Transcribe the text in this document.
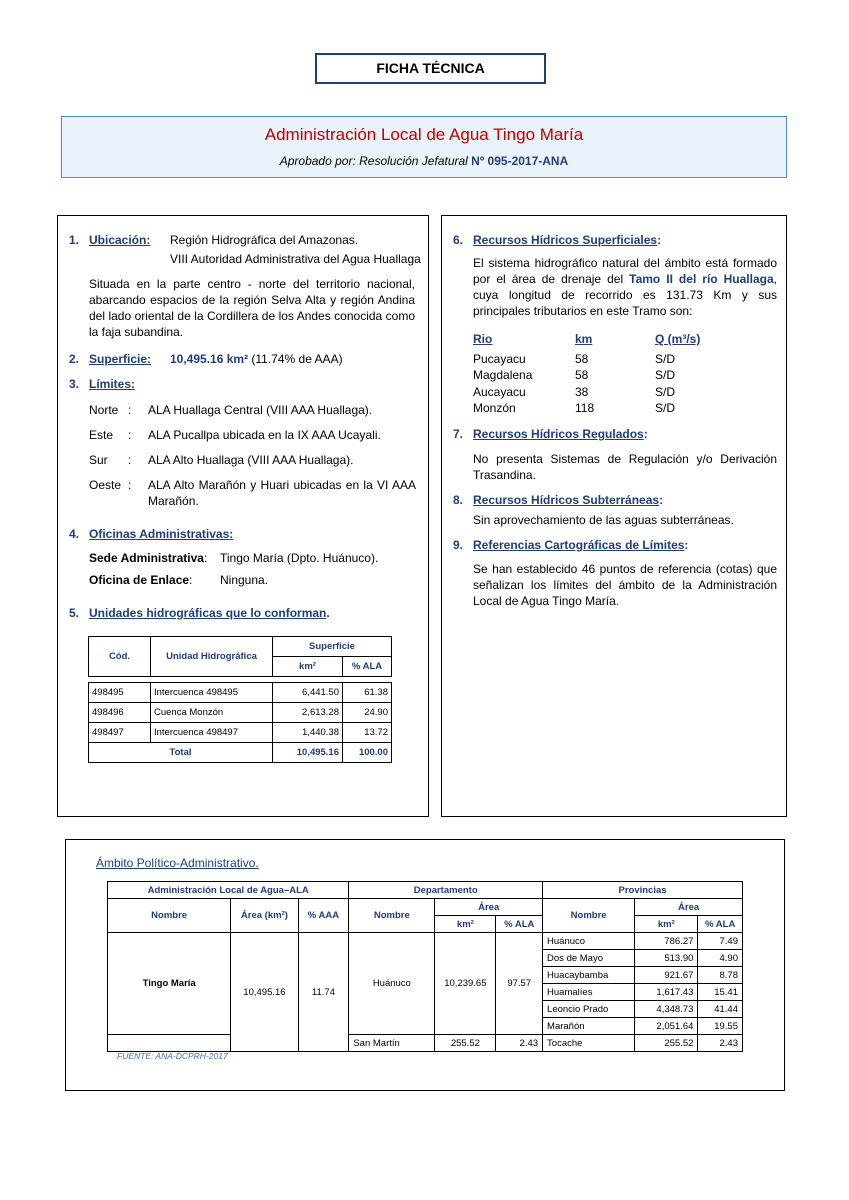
FICHA TÉCNICA
Administración Local de Agua Tingo María
Aprobado por: Resolución Jefatural Nº 095-2017-ANA
1. Ubicación: Región Hidrográfica del Amazonas.
VIII Autoridad Administrativa del Agua Huallaga
Situada en la parte centro - norte del territorio nacional, abarcando espacios de la región Selva Alta y región Andina del lado oriental de la Cordillera de los Andes conocida como la faja subandina.
2. Superficie: 10,495.16 km² (11.74% de AAA)
3. Límites:
Norte : ALA Huallaga Central (VIII AAA Huallaga).
Este : ALA Pucallpa ubicada en la IX AAA Ucayali.
Sur : ALA Alto Huallaga (VIII AAA Huallaga).
Oeste : ALA Alto Marañón y Huari ubicadas en la VI AAA Marañón.
4. Oficinas Administrativas:
Sede Administrativa: Tingo María (Dpto. Huánuco).
Oficina de Enlace: Ninguna.
5. Unidades hidrográficas que lo conforman.
Cód.	Unidad Hidrográfica	Superficie	
		km²	% ALA

498495	Intercuenca 498495	6,441.50	61.38
498496	Cuenca Monzón	2,613.28	24.90
498497	Intercuenca 498497	1,440.38	13.72
Total		10,495.16	100.00
6. Recursos Hídricos Superficiales:
El sistema hidrográfico natural del ámbito está formado por el área de drenaje del Tamo II del río Huallaga, cuya longitud de recorrido es 131.73 Km y sus principales tributarios en este Tramo son:
Rio	km	Q (m³/s)
Pucayacu	58	S/D
Magdalena	58	S/D
Aucayacu	38	S/D
Monzón	118	S/D
7. Recursos Hídricos Regulados:
No presenta Sistemas de Regulación y/o Derivación Trasandina.
8. Recursos Hídricos Subterráneas:
Sin aprovechamiento de las aguas subterráneas.
9. Referencias Cartográficas de Límites:
Se han establecido 46 puntos de referencia (cotas) que señalizan los límites del ámbito de la Administración Local de Agua Tingo María.
Ámbito Político-Administrativo.
Administración Local de Agua–ALA			Departamento			Provincias		
Nombre	Área (km²)	% AAA	Nombre	Área		Nombre	Área	
				km²	% ALA		km²	% ALA
Tingo María	10,495.16	11.74	Huánuco	10,239.65	97.57	Huánuco	786.27	7.49
						Dos de Mayo	513.90	4.90
						Huacaybamba	921.67	8.78
						Huamalíes	1,617.43	15.41
						Leoncio Prado	4,348.73	41.44
						Marañón	2,051.64	19.55
			San Martín	255.52	2.43	Tocache	255.52	2.43
FUENTE: ANA-DCPRH-2017
